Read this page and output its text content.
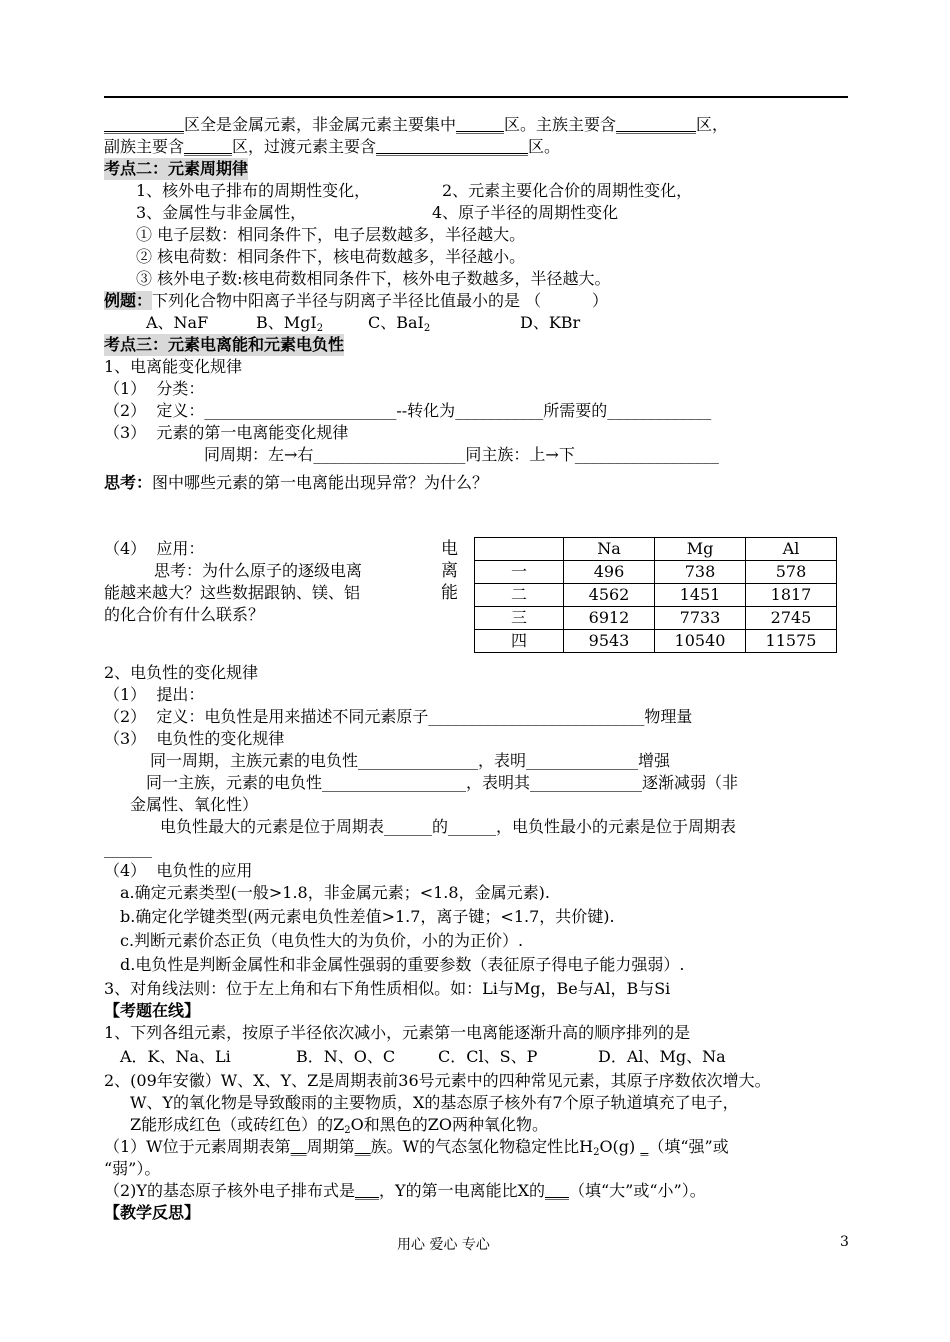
__________区全是金属元素，非金属元素主要集中______区。主族主要含__________区，
副族主要含______区，过渡元素主要含___________________区。
考点二：元素周期律
1、核外电子排布的周期性变化，	2、元素主要化合价的周期性变化，
3、金属性与非金属性，	4、原子半径的周期性变化
① 电子层数：相同条件下，电子层数越多，半径越大。
② 核电荷数：相同条件下，核电荷数越多，半径越小。
③ 核外电子数:核电荷数相同条件下，核外电子数越多，半径越大。
例题：下列化合物中阳离子半径与阴离子半径比值最小的是 （          ）
A、NaF	B、MgI$_2$	C、BaI$_2$	D、KBr
考点三：元素电离能和元素电负性
1、电离能变化规律
（1）  分类：
（2）  定义：________________________--转化为___________所需要的_____________
（3）  元素的第一电离能变化规律
同周期：左→右___________________同主族：上→下__________________
思考：图中哪些元素的第一电离能出现异常？为什么？
（4）  应用：
思考：为什么原子的逐级电离
能越来越大？这些数据跟钠、镁、铝
的化合价有什么联系？
电
离
能
	Na	Mg	Al
一	496	738	578
二	4562	1451	1817
三	6912	7733	2745
四	9543	10540	11575
2、电负性的变化规律
（1）  提出：
（2）  定义：电负性是用来描述不同元素原子___________________________物理量
（3）  电负性的变化规律
同一周期，主族元素的电负性_______________，表明______________增强
同一主族，元素的电负性__________________，表明其______________逐渐减弱（非
金属性、氧化性）
电负性最大的元素是位于周期表______的______，电负性最小的元素是位于周期表
______
（4）  电负性的应用
a.确定元素类型(一般>1.8，非金属元素；<1.8，金属元素).
b.确定化学键类型(两元素电负性差值>1.7，离子键；<1.7，共价键).
c.判断元素价态正负（电负性大的为负价，小的为正价）.
d.电负性是判断金属性和非金属性强弱的重要参数（表征原子得电子能力强弱）.
3、对角线法则：位于左上角和右下角性质相似。如：Li与Mg，Be与Al，B与Si
【考题在线】
1、下列各组元素，按原子半径依次减小，元素第一电离能逐渐升高的顺序排列的是
A．K、Na、Li	B．N、O、C	C．Cl、S、P	D．Al、Mg、Na
2、(09年安徽）W、X、Y、Z是周期表前36号元素中的四种常见元素，其原子序数依次增大。
W、Y的氧化物是导致酸雨的主要物质，X的基态原子核外有7个原子轨道填充了电子，
Z能形成红色（或砖红色）的$Z_2O$和黑色的ZO两种氧化物。
（1）W位于元素周期表第__周期第__族。W的气态氢化物稳定性比$H_2O(g)$ _（填“强”或
“弱”）。
（2)Y的基态原子核外电子排布式是___，Y的第一电离能比X的___（填“大”或“小”）。
【教学反思】
用心 爱心 专心	3
